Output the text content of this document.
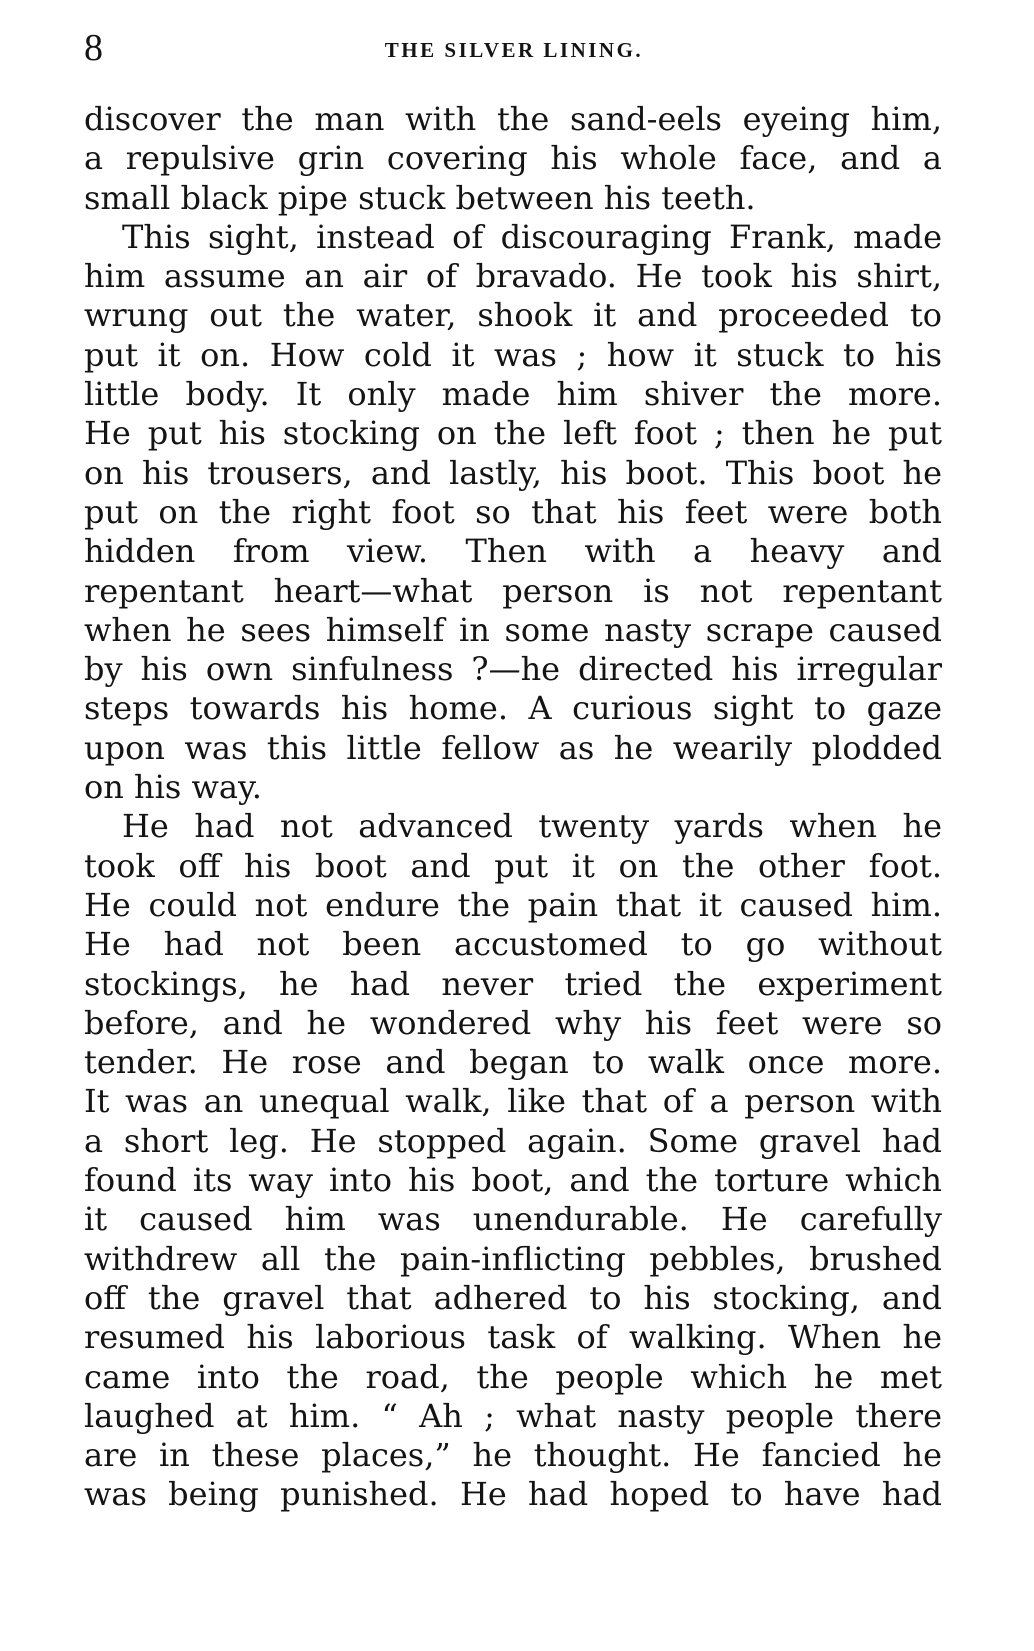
8	THE SILVER LINING.
discover the man with the sand-eels eyeing him,
a repulsive grin covering his whole face, and a
small black pipe stuck between his teeth.
This sight, instead of discouraging Frank, made
him assume an air of bravado. He took his shirt,
wrung out the water, shook it and proceeded to
put it on. How cold it was ; how it stuck to his
little body. It only made him shiver the more.
He put his stocking on the left foot ; then he put
on his trousers, and lastly, his boot. This boot he
put on the right foot so that his feet were both
hidden from view. Then with a heavy and
repentant heart—what person is not repentant
when he sees himself in some nasty scrape caused
by his own sinfulness ?—he directed his irregular
steps towards his home. A curious sight to gaze
upon was this little fellow as he wearily plodded
on his way.
He had not advanced twenty yards when he
took off his boot and put it on the other foot.
He could not endure the pain that it caused him.
He had not been accustomed to go without
stockings, he had never tried the experiment
before, and he wondered why his feet were so
tender. He rose and began to walk once more.
It was an unequal walk, like that of a person with
a short leg. He stopped again. Some gravel had
found its way into his boot, and the torture which
it caused him was unendurable. He carefully
withdrew all the pain-inflicting pebbles, brushed
off the gravel that adhered to his stocking, and
resumed his laborious task of walking. When he
came into the road, the people which he met
laughed at him. “ Ah ; what nasty people there
are in these places,” he thought. He fancied he
was being punished. He had hoped to have had
